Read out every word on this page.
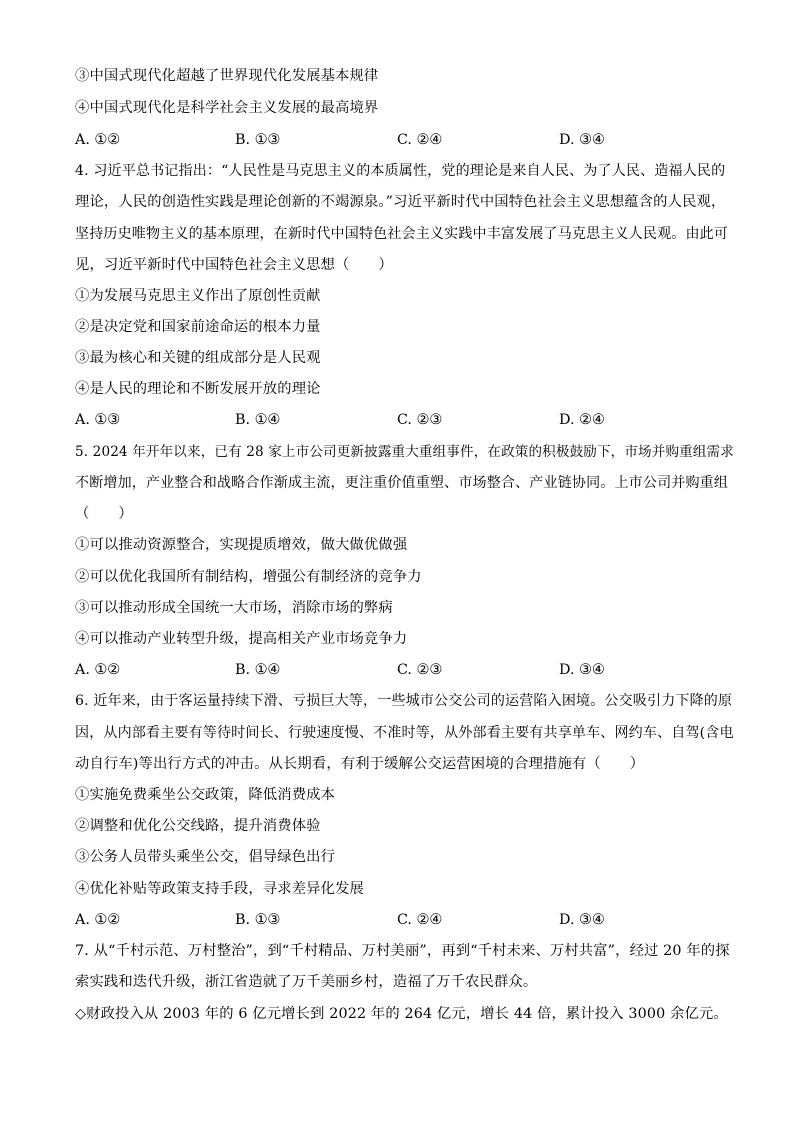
③中国式现代化超越了世界现代化发展基本规律
④中国式现代化是科学社会主义发展的最高境界
A. ①②	B. ①③	C. ②④	D. ③④
4. 习近平总书记指出：“人民性是马克思主义的本质属性，党的理论是来自人民、为了人民、造福人民的
理论，人民的创造性实践是理论创新的不竭源泉。”习近平新时代中国特色社会主义思想蕴含的人民观，
坚持历史唯物主义的基本原理，在新时代中国特色社会主义实践中丰富发展了马克思主义人民观。由此可
见，习近平新时代中国特色社会主义思想（　　）
①为发展马克思主义作出了原创性贡献
②是决定党和国家前途命运的根本力量
③最为核心和关键的组成部分是人民观
④是人民的理论和不断发展开放的理论
A. ①③	B. ①④	C. ②③	D. ②④
5. 2024 年开年以来，已有 28 家上市公司更新披露重大重组事件，在政策的积极鼓励下，市场并购重组需求
不断增加，产业整合和战略合作渐成主流，更注重价值重塑、市场整合、产业链协同。上市公司并购重组
（　　）
①可以推动资源整合，实现提质增效，做大做优做强
②可以优化我国所有制结构，增强公有制经济的竞争力
③可以推动形成全国统一大市场，消除市场的弊病
④可以推动产业转型升级，提高相关产业市场竞争力
A. ①②	B. ①④	C. ②③	D. ③④
6. 近年来，由于客运量持续下滑、亏损巨大等，一些城市公交公司的运营陷入困境。公交吸引力下降的原
因，从内部看主要有等待时间长、行驶速度慢、不准时等，从外部看主要有共享单车、网约车、自驾(含电
动自行车)等出行方式的冲击。从长期看，有利于缓解公交运营困境的合理措施有（　　）
①实施免费乘坐公交政策，降低消费成本
②调整和优化公交线路，提升消费体验
③公务人员带头乘坐公交，倡导绿色出行
④优化补贴等政策支持手段，寻求差异化发展
A. ①②	B. ①③	C. ②④	D. ③④
7. 从“千村示范、万村整治”，到“千村精品、万村美丽”，再到“千村未来、万村共富”，经过 20 年的探
索实践和迭代升级，浙江省造就了万千美丽乡村，造福了万千农民群众。
◇财政投入从 2003 年的 6 亿元增长到 2022 年的 264 亿元，增长 44 倍，累计投入 3000 余亿元。
